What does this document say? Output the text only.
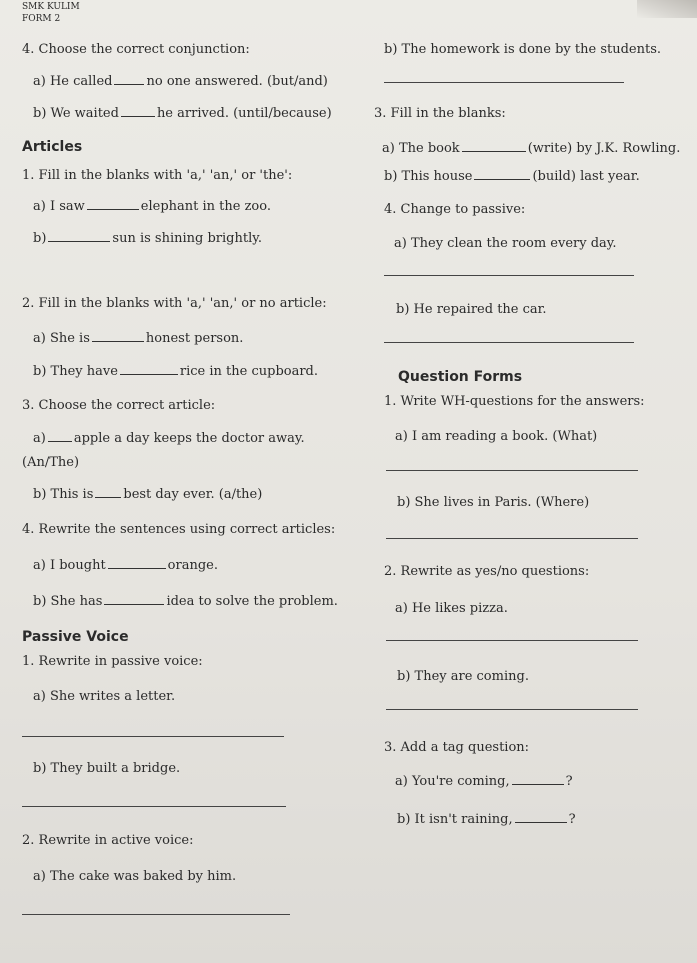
SMK KULIM
FORM 2
4. Choose the correct conjunction:
a) He called	no one answered. (but/and)
b) We waited	he arrived. (until/because)
Articles
1. Fill in the blanks with 'a,' 'an,' or 'the':
a) I saw	elephant in the zoo.
b)	sun is shining brightly.
2. Fill in the blanks with 'a,' 'an,' or no article:
a) She is	honest person.
b) They have	rice in the cupboard.
3. Choose the correct article:
a) apple a day keeps the doctor away.
(An/The)
b) This is best day ever. (a/the)
4. Rewrite the sentences using correct articles:
a) I bought	orange.
b) She has	idea to solve the problem.
Passive Voice
1. Rewrite in passive voice:
a) She writes a letter.
b) They built a bridge.
2. Rewrite in active voice:
a) The cake was baked by him.
b) The homework is done by the students.
3. Fill in the blanks:
a) The book	(write) by J.K. Rowling.
b) This house	(build) last year.
4. Change to passive:
a) They clean the room every day.
b) He repaired the car.
Question Forms
1. Write WH-questions for the answers:
a) I am reading a book. (What)
b) She lives in Paris. (Where)
2. Rewrite as yes/no questions:
a) He likes pizza.
b) They are coming.
3. Add a tag question:
a) You're coming,	?
b) It isn't raining,	?
